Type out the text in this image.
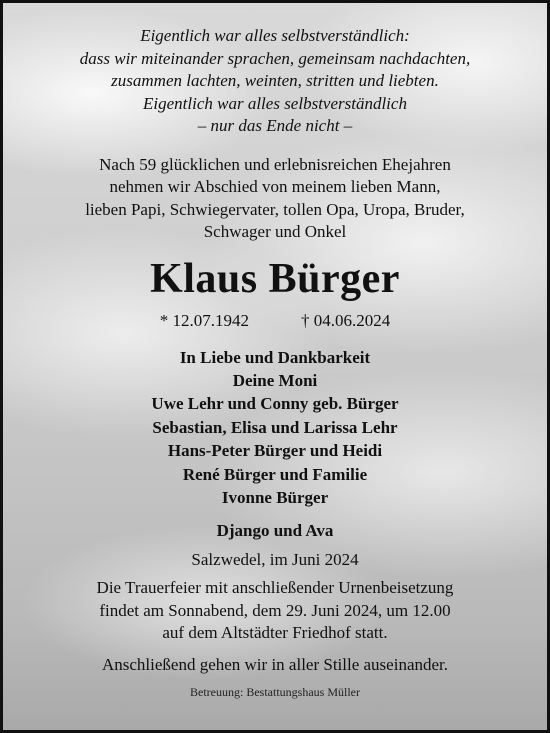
Eigentlich war alles selbstverständlich:
dass wir miteinander sprachen, gemeinsam nachdachten,
zusammen lachten, weinten, stritten und liebten.
Eigentlich war alles selbstverständlich
– nur das Ende nicht –
Nach 59 glücklichen und erlebnisreichen Ehejahren
nehmen wir Abschied von meinem lieben Mann,
lieben Papi, Schwiegervater, tollen Opa, Uropa, Bruder,
Schwager und Onkel
Klaus Bürger
* 12.07.1942	† 04.06.2024
In Liebe und Dankbarkeit
Deine Moni
Uwe Lehr und Conny geb. Bürger
Sebastian, Elisa und Larissa Lehr
Hans-Peter Bürger und Heidi
René Bürger und Familie
Ivonne Bürger
Django und Ava
Salzwedel, im Juni 2024
Die Trauerfeier mit anschließender Urnenbeisetzung
findet am Sonnabend, dem 29. Juni 2024, um 12.00
auf dem Altstädter Friedhof statt.
Anschließend gehen wir in aller Stille auseinander.
Betreuung: Bestattungshaus Müller
